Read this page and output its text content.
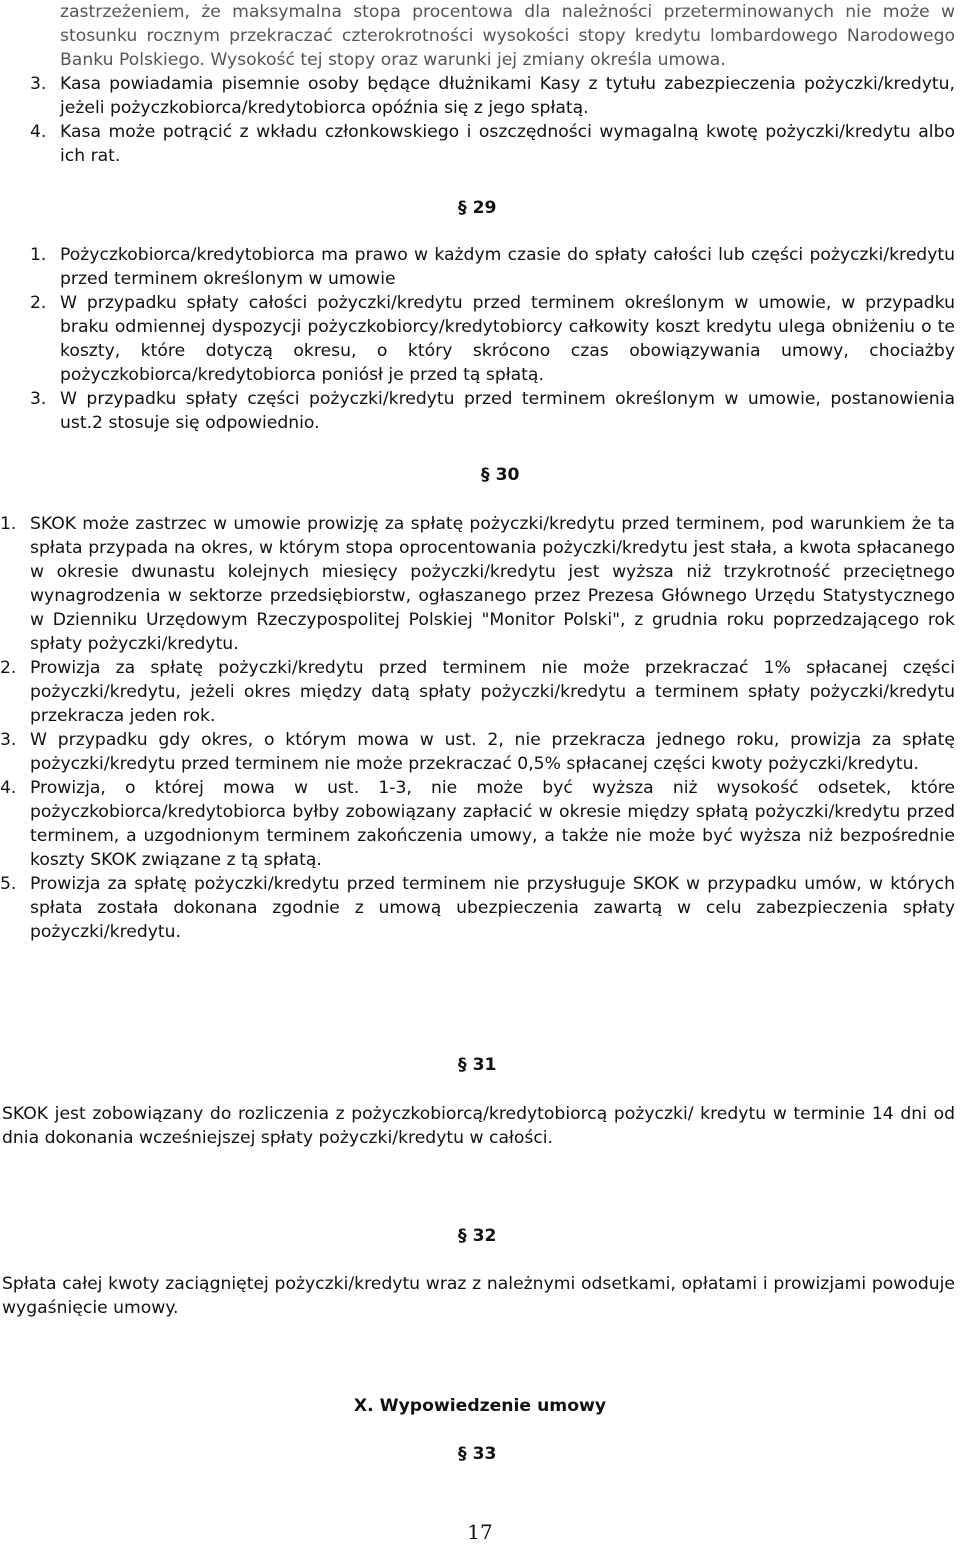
zastrzeżeniem, że maksymalna stopa procentowa dla należności przeterminowanych nie może w stosunku rocznym przekraczać czterokrotności wysokości stopy kredytu lombardowego Narodowego Banku Polskiego. Wysokość tej stopy oraz warunki jej zmiany określa umowa.
3. Kasa powiadamia pisemnie osoby będące dłużnikami Kasy z tytułu zabezpieczenia pożyczki/kredytu, jeżeli pożyczkobiorca/kredytobiorca opóźnia się z jego spłatą.
4. Kasa może potrącić z wkładu członkowskiego i oszczędności wymagalną kwotę pożyczki/kredytu albo ich rat.
§ 29
1. Pożyczkobiorca/kredytobiorca ma prawo w każdym czasie do spłaty całości lub części pożyczki/kredytu przed terminem określonym w umowie
2. W przypadku spłaty całości pożyczki/kredytu przed terminem określonym w umowie, w przypadku braku odmiennej dyspozycji pożyczkobiorcy/kredytobiorcy całkowity koszt kredytu ulega obniżeniu o te koszty, które dotyczą okresu, o który skrócono czas obowiązywania umowy, chociażby pożyczkobiorca/kredytobiorca poniósł je przed tą spłatą.
3. W przypadku spłaty części pożyczki/kredytu przed terminem określonym w umowie, postanowienia ust.2 stosuje się odpowiednio.
§ 30
1. SKOK może zastrzec w umowie prowizję za spłatę pożyczki/kredytu przed terminem, pod warunkiem że ta spłata przypada na okres, w którym stopa oprocentowania pożyczki/kredytu jest stała, a kwota spłacanego w okresie dwunastu kolejnych miesięcy pożyczki/kredytu jest wyższa niż trzykrotność przeciętnego wynagrodzenia w sektorze przedsiębiorstw, ogłaszanego przez Prezesa Głównego Urzędu Statystycznego w Dzienniku Urzędowym Rzeczypospolitej Polskiej "Monitor Polski", z grudnia roku poprzedzającego rok spłaty pożyczki/kredytu.
2. Prowizja za spłatę pożyczki/kredytu przed terminem nie może przekraczać 1% spłacanej części pożyczki/kredytu, jeżeli okres między datą spłaty pożyczki/kredytu a terminem spłaty pożyczki/kredytu przekracza jeden rok.
3. W przypadku gdy okres, o którym mowa w ust. 2, nie przekracza jednego roku, prowizja za spłatę pożyczki/kredytu przed terminem nie może przekraczać 0,5% spłacanej części kwoty pożyczki/kredytu.
4. Prowizja, o której mowa w ust. 1-3, nie może być wyższa niż wysokość odsetek, które pożyczkobiorca/kredytobiorca byłby zobowiązany zapłacić w okresie między spłatą pożyczki/kredytu przed terminem, a uzgodnionym terminem zakończenia umowy, a także nie może być wyższa niż bezpośrednie koszty SKOK związane z tą spłatą.
5. Prowizja za spłatę pożyczki/kredytu przed terminem nie przysługuje SKOK w przypadku umów, w których spłata została dokonana zgodnie z umową ubezpieczenia zawartą w celu zabezpieczenia spłaty pożyczki/kredytu.
§ 31
SKOK jest zobowiązany do rozliczenia z pożyczkobiorcą/kredytobiorcą pożyczki/ kredytu w terminie 14 dni od dnia dokonania wcześniejszej spłaty pożyczki/kredytu w całości.
§ 32
Spłata całej kwoty zaciągniętej pożyczki/kredytu wraz z należnymi odsetkami, opłatami i prowizjami powoduje wygaśnięcie umowy.
X. Wypowiedzenie umowy
§ 33
17
